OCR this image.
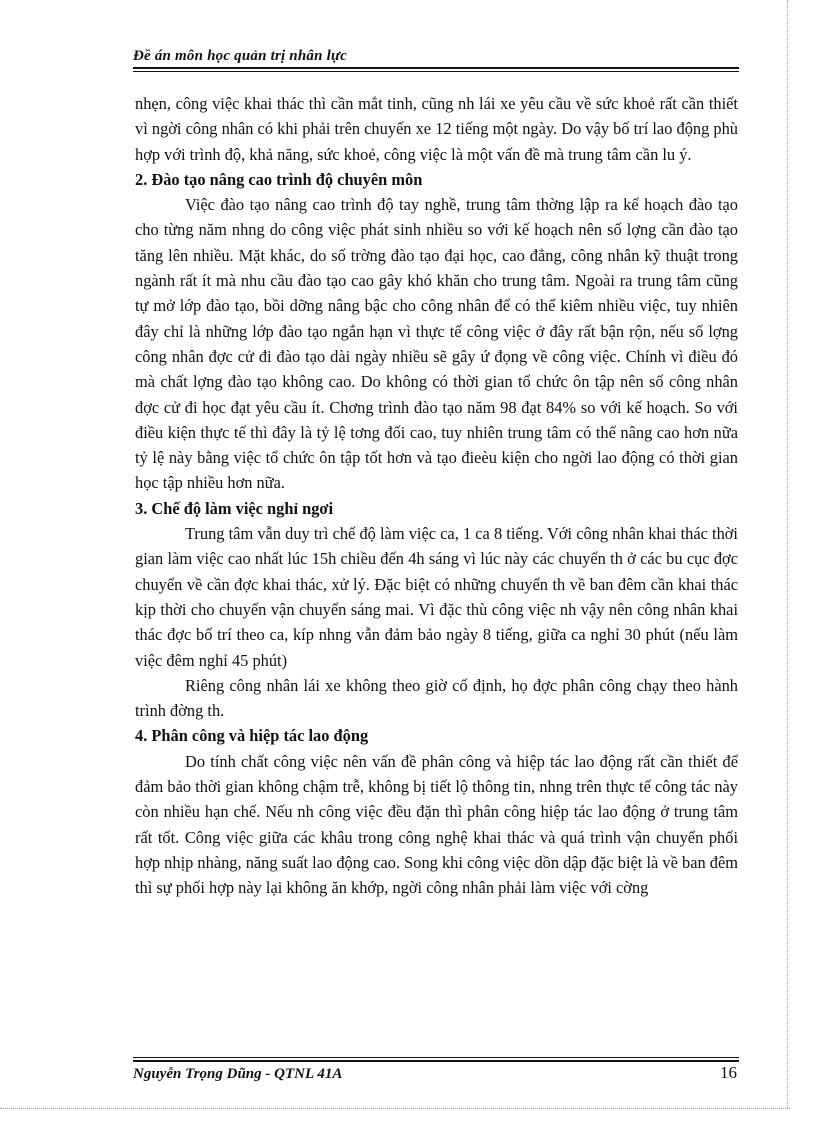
Đề án môn học quản trị nhân lực

nhẹn, công việc khai thác thì cần mắt tinh, cũng nh lái xe yêu cầu về sức khoẻ rất cần thiết vì ngời công nhân có khi phải trên chuyến xe 12 tiếng một ngày. Do vậy bố trí lao động phù hợp với trình độ, khả năng, sức khoẻ, công việc là một vấn đề mà trung tâm cần lu ý.

2. Đào tạo nâng cao trình độ chuyên môn

Việc đào tạo nâng cao trình độ tay nghề, trung tâm thờng lập ra kế hoạch đào tạo cho từng năm nhng do công việc phát sinh nhiều so với kế hoạch nên số lợng cần đào tạo tăng lên nhiều. Mặt khác, do số trờng đào tạo đại học, cao đẳng, công nhân kỹ thuật trong ngành rất ít mà nhu cầu đào tạo cao gây khó khăn cho trung tâm. Ngoài ra trung tâm cũng tự mở lớp đào tạo, bồi dỡng nâng bậc cho công nhân để có thể kiêm nhiều việc, tuy nhiên đây chỉ là những lớp đào tạo ngắn hạn vì thực tế công việc ở đây rất bận rộn, nếu số lợng công nhân đợc cử đi đào tạo dài ngày nhiều sẽ gây ứ đọng về công việc. Chính vì điều đó mà chất lợng đào tạo không cao. Do không có thời gian tổ chức ôn tập nên số công nhân đợc cử đi học đạt yêu cầu ít. Chơng trình đào tạo năm 98 đạt 84% so với kế hoạch. So với điều kiện thực tế thì đây là tỷ lệ tơng đối cao, tuy nhiên trung tâm có thể nâng cao hơn nữa tỷ lệ này bằng việc tổ chức ôn tập tốt hơn và tạo đieèu kiện cho ngời lao động có thời gian học tập nhiều hơn nữa.

3. Chế độ làm việc nghỉ ngơi

Trung tâm vẫn duy trì chế độ làm việc ca, 1 ca 8 tiếng. Với công nhân khai thác thời gian làm việc cao nhất lúc 15h chiều đến 4h sáng vì lúc này các chuyến th ở các bu cục đợc chuyển về cần đợc khai thác, xử lý. Đặc biệt có những chuyến th về ban đêm cần khai thác kịp thời cho chuyến vận chuyển sáng mai. Vì đặc thù công việc nh vậy nên công nhân khai thác đợc bố trí theo ca, kíp nhng vẫn đảm bảo ngày 8 tiếng, giữa ca nghỉ 30 phút (nếu làm việc đêm nghỉ 45 phút)

Riêng công nhân lái xe không theo giờ cố định, họ đợc phân công chạy theo hành trình đờng th.

4. Phân công và hiệp tác lao động

Do tính chất công việc nên vấn đề phân công và hiệp tác lao động rất cần thiết để đảm bảo thời gian không chậm trễ, không bị tiết lộ thông tin, nhng trên thực tế công tác này còn nhiều hạn chế. Nếu nh công việc đều đặn thì phân công hiệp tác lao động ở trung tâm rất tốt. Công việc giữa các khâu trong công nghệ khai thác và quá trình vận chuyển phối hợp nhịp nhàng, năng suất lao động cao. Song khi công việc dồn dập đặc biệt là về ban đêm thì sự phối hợp này lại không ăn khớp, ngời công nhân phải làm việc với cờng

Nguyễn Trọng Dũng - QTNL 41A	16
